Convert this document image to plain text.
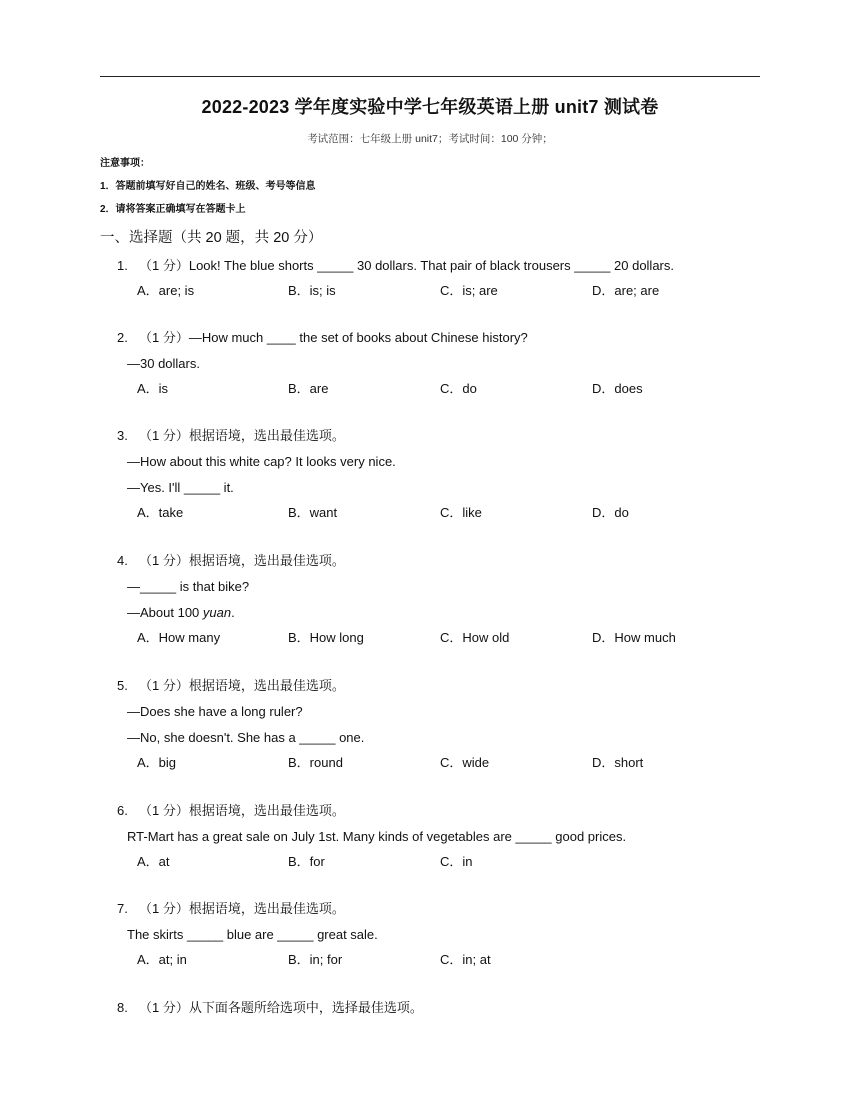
2022-2023 学年度实验中学七年级英语上册 unit7 测试卷
考试范围：七年级上册 unit7；考试时间：100 分钟；
注意事项：
1．答题前填写好自己的姓名、班级、考号等信息
2．请将答案正确填写在答题卡上
一、选择题（共 20 题，共 20 分）
1. （1 分）Look! The blue shorts _____ 30 dollars. That pair of black trousers _____ 20 dollars.
A．are; is	B．is; is	C．is; are	D．are; are
2. （1 分）—How much ____ the set of books about Chinese history?
—30 dollars.
A．is	B．are	C．do	D．does
3. （1 分）根据语境，选出最佳选项。
—How about this white cap? It looks very nice.
—Yes. I'll _____ it.
A．take	B．want	C．like	D．do
4. （1 分）根据语境，选出最佳选项。
—_____ is that bike?
—About 100 yuan.
A．How many	B．How long	C．How old	D．How much
5. （1 分）根据语境，选出最佳选项。
—Does she have a long ruler?
—No, she doesn't. She has a _____ one.
A．big	B．round	C．wide	D．short
6. （1 分）根据语境，选出最佳选项。
RT-Mart has a great sale on July 1st. Many kinds of vegetables are _____ good prices.
A．at	B．for	C．in
7. （1 分）根据语境，选出最佳选项。
The skirts _____ blue are _____ great sale.
A．at; in	B．in; for	C．in; at
8. （1 分）从下面各题所给选项中，选择最佳选项。
